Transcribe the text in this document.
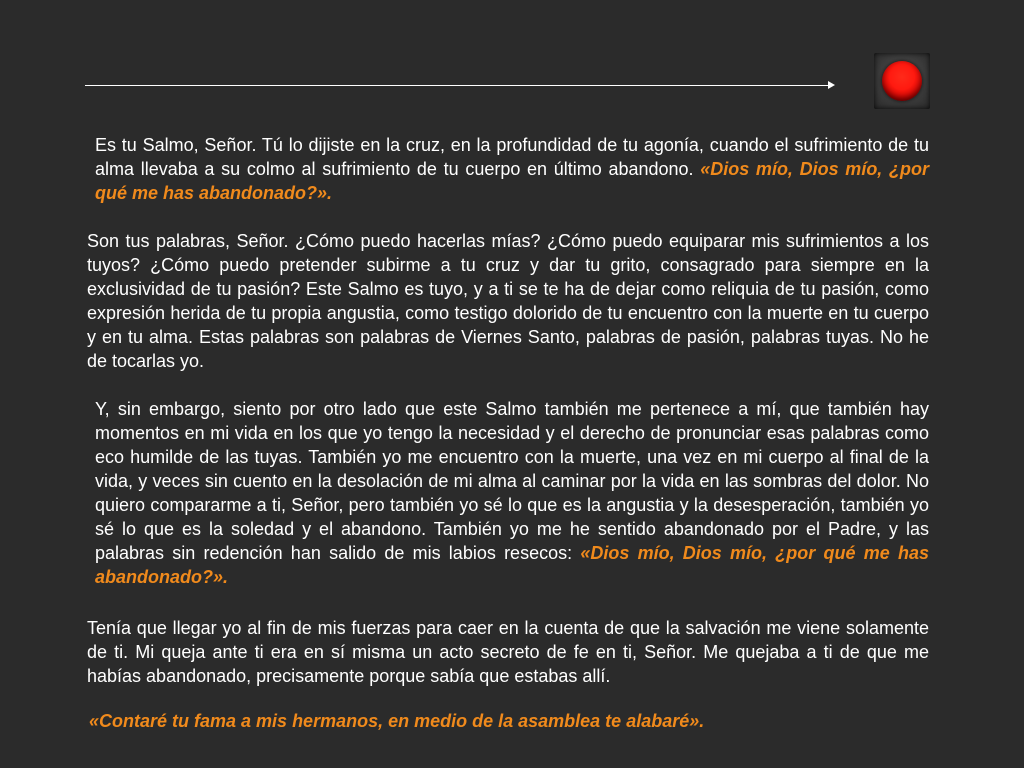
Es tu Salmo, Señor. Tú lo dijiste en la cruz, en la profundidad de tu agonía, cuando el sufrimiento de tu alma llevaba a su colmo al sufrimiento de tu cuerpo en último abandono. «Dios mío, Dios mío, ¿por qué me has abandonado?».

Son tus palabras, Señor. ¿Cómo puedo hacerlas mías? ¿Cómo puedo equiparar mis sufrimientos a los tuyos? ¿Cómo puedo pretender subirme a tu cruz y dar tu grito, consagrado para siempre en la exclusividad de tu pasión? Este Salmo es tuyo, y a ti se te ha de dejar como reliquia de tu pasión, como expresión herida de tu propia angustia, como testigo dolorido de tu encuentro con la muerte en tu cuerpo y en tu alma. Estas palabras son palabras de Viernes Santo, palabras de pasión, palabras tuyas. No he de tocarlas yo.

Y, sin embargo, siento por otro lado que este Salmo también me pertenece a mí, que también hay momentos en mi vida en los que yo tengo la necesidad y el derecho de pronunciar esas palabras como eco humilde de las tuyas. También yo me encuentro con la muerte, una vez en mi cuerpo al final de la vida, y veces sin cuento en la desolación de mi alma al caminar por la vida en las sombras del dolor. No quiero compararme a ti, Señor, pero también yo sé lo que es la angustia y la desesperación, también yo sé lo que es la soledad y el abandono. También yo me he sentido abandonado por el Padre, y las palabras sin redención han salido de mis labios resecos: «Dios mío, Dios mío, ¿por qué me has abandonado?».

Tenía que llegar yo al fin de mis fuerzas para caer en la cuenta de que la salvación me viene solamente de ti. Mi queja ante ti era en sí misma un acto secreto de fe en ti, Señor. Me quejaba a ti de que me habías abandonado, precisamente porque sabía que estabas allí.

«Contaré tu fama a mis hermanos, en medio de la asamblea te alabaré».
